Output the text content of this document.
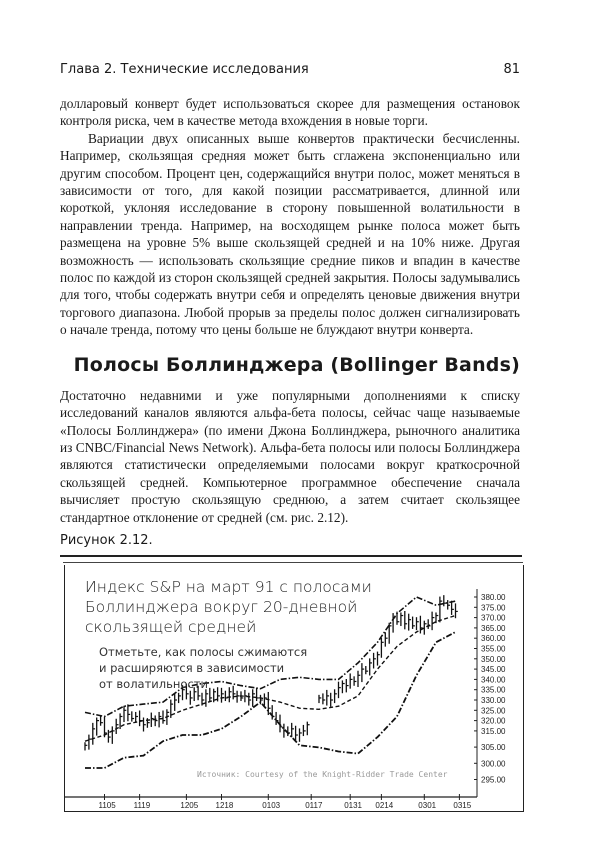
Глава 2. Технические исследования	81

долларовый конверт будет использоваться скорее для размещения остановок контроля риска, чем в качестве метода вхождения в новые торги.

Вариации двух описанных выше конвертов практически бесчисленны. Например, скользящая средняя может быть сглажена экспоненциально или другим способом. Процент цен, содержащийся внутри полос, может меняться в зависимости от того, для какой позиции рассматривается, длинной или короткой, уклоняя исследование в сторону повышенной волатильности в направлении тренда. Например, на восходящем рынке полоса может быть размещена на уровне 5% выше скользящей средней и на 10% ниже. Другая возможность — использовать скользящие средние пиков и впадин в качестве полос по каждой из сторон скользящей средней закрытия. Полосы задумывались для того, чтобы содержать внутри себя и определять ценовые движения внутри торгового диапазона. Любой прорыв за пределы полос должен сигнализировать о начале тренда, потому что цены больше не блуждают внутри конверта.

Полосы Боллинджера (Bollinger Bands)

Достаточно недавними и уже популярными дополнениями к списку исследований каналов являются альфа-бета полосы, сейчас чаще называемые «Полосы Боллинджера» (по имени Джона Боллинджера, рыночного аналитика из CNBC/Financial News Network). Альфа-бета полосы или полосы Боллинджера являются статистически определяемыми полосами вокруг краткосрочной скользящей средней. Компьютерное программное обеспечение сначала вычисляет простую скользящую среднюю, а затем считает скользящее стандартное отклонение от средней (см. рис. 2.12).

Рисунок 2.12.
380.00
375.00
370.00
365.00
360.00
355.00
350.00
345.00
340.00
335.00
330.00
325.00
320.00
315.00
305.00
300.00
295.00
1105 1119	1205 1218	0103	0117	0131 0214	0301 0315
Индекс S&P на март 91 с полосами
Боллинджера вокруг 20-дневной
скользящей средней
Отметьте, как полосы сжимаются
и расширяются в зависимости
от волатильности
Источник: Courtesy of the Knight-Ridder Trade Center
